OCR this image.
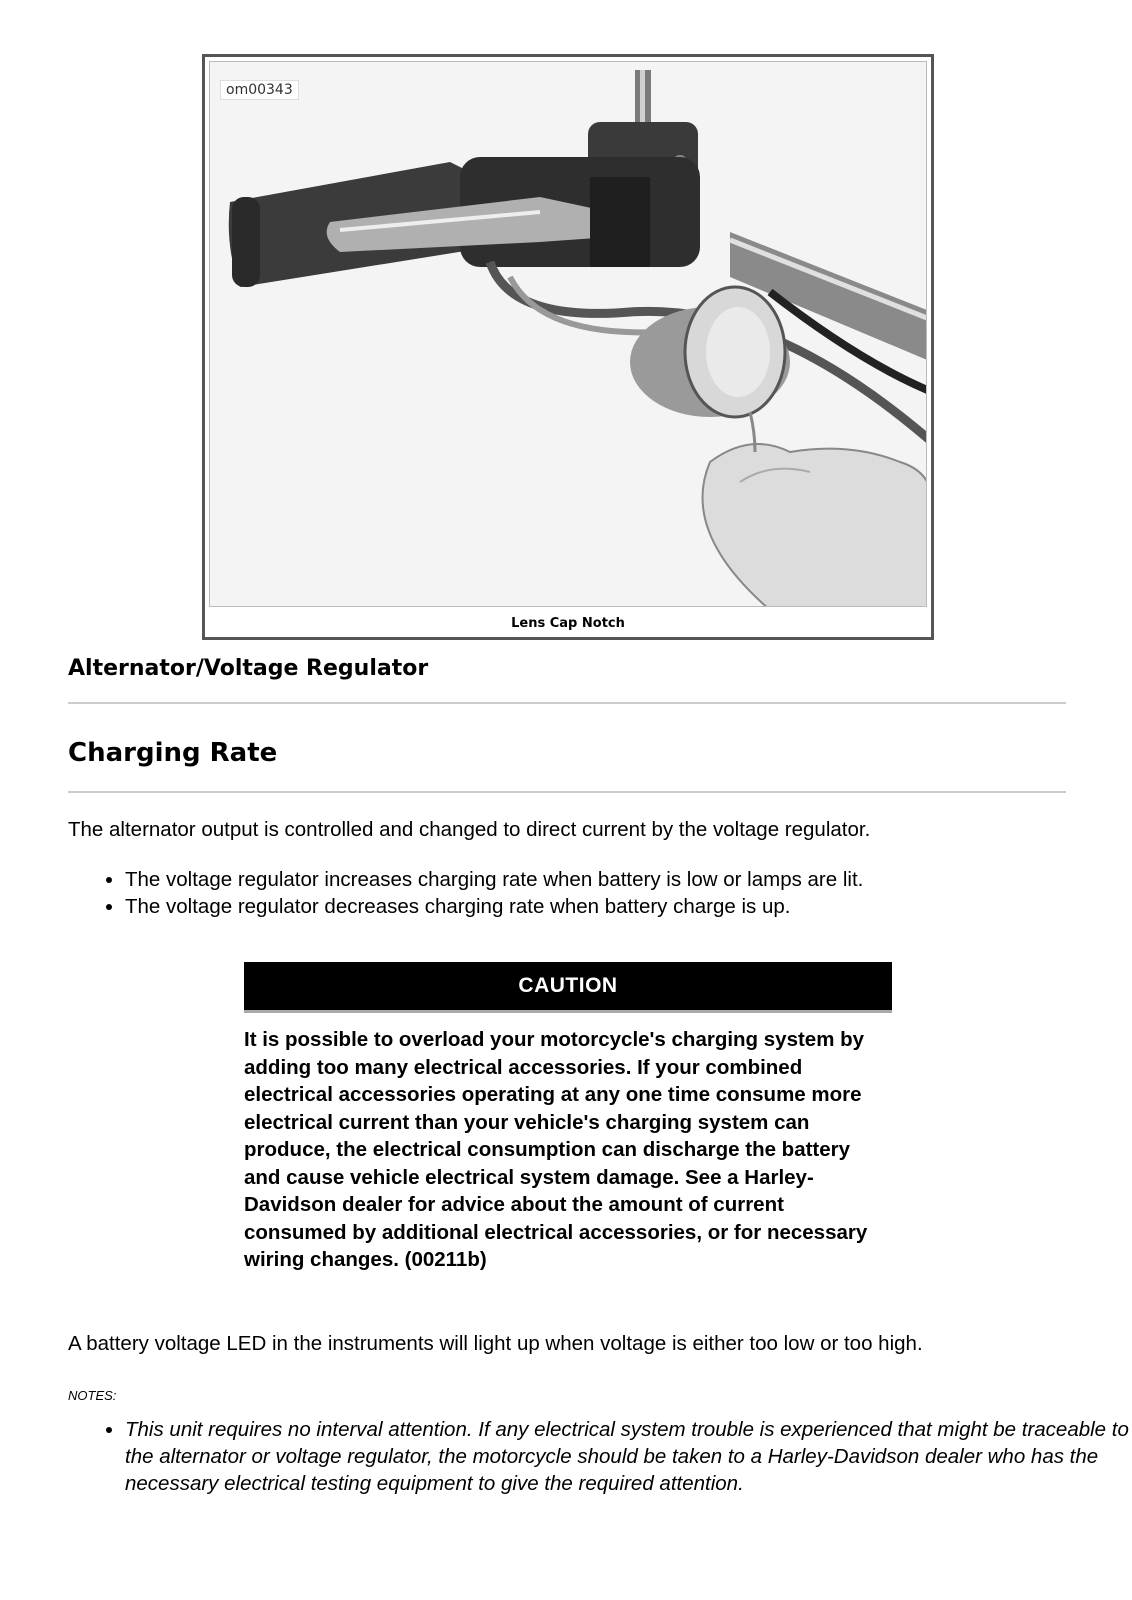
om00343
Lens Cap Notch
Alternator/Voltage Regulator
Charging Rate

The alternator output is controlled and changed to direct current by the voltage regulator.

• The voltage regulator increases charging rate when battery is low or lamps are lit.
• The voltage regulator decreases charging rate when battery charge is up.
CAUTION

It is possible to overload your motorcycle's charging system by adding too many electrical accessories. If your combined electrical accessories operating at any one time consume more electrical current than your vehicle's charging system can produce, the electrical consumption can discharge the battery and cause vehicle electrical system damage. See a Harley-Davidson dealer for advice about the amount of current consumed by additional electrical accessories, or for necessary wiring changes. (00211b)

A battery voltage LED in the instruments will light up when voltage is either too low or too high.

NOTES:
• This unit requires no interval attention. If any electrical system trouble is experienced that might be traceable to the alternator or voltage regulator, the motorcycle should be taken to a Harley-Davidson dealer who has the necessary electrical testing equipment to give the required attention.
